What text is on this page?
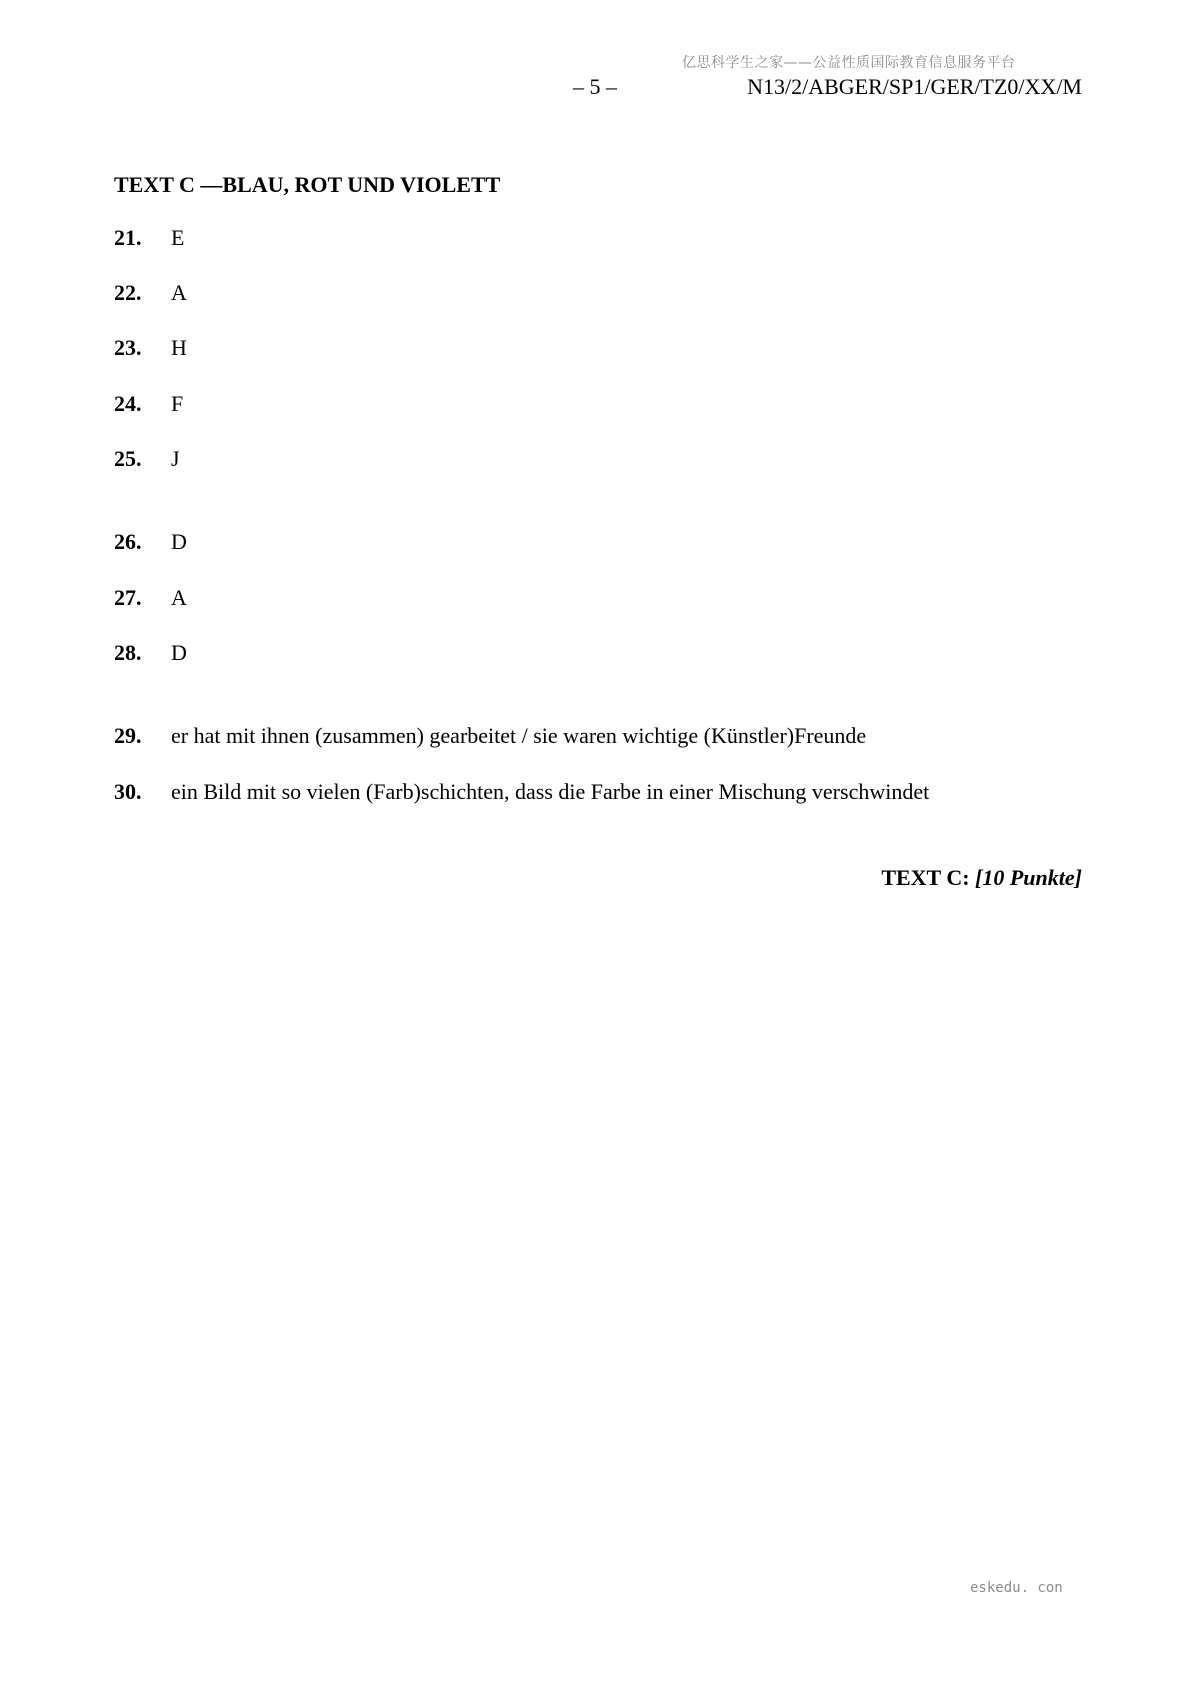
亿思科学生之家——公益性质国际教育信息服务平台
– 5 –	N13/2/ABGER/SP1/GER/TZ0/XX/M
TEXT C —BLAU, ROT UND VIOLETT
21. E
22. A
23. H
24. F
25. J
26. D
27. A
28. D
29. er hat mit ihnen (zusammen) gearbeitet / sie waren wichtige (Künstler)Freunde
30. ein Bild mit so vielen (Farb)schichten, dass die Farbe in einer Mischung verschwindet
TEXT C: [10 Punkte]
eskedu. con
